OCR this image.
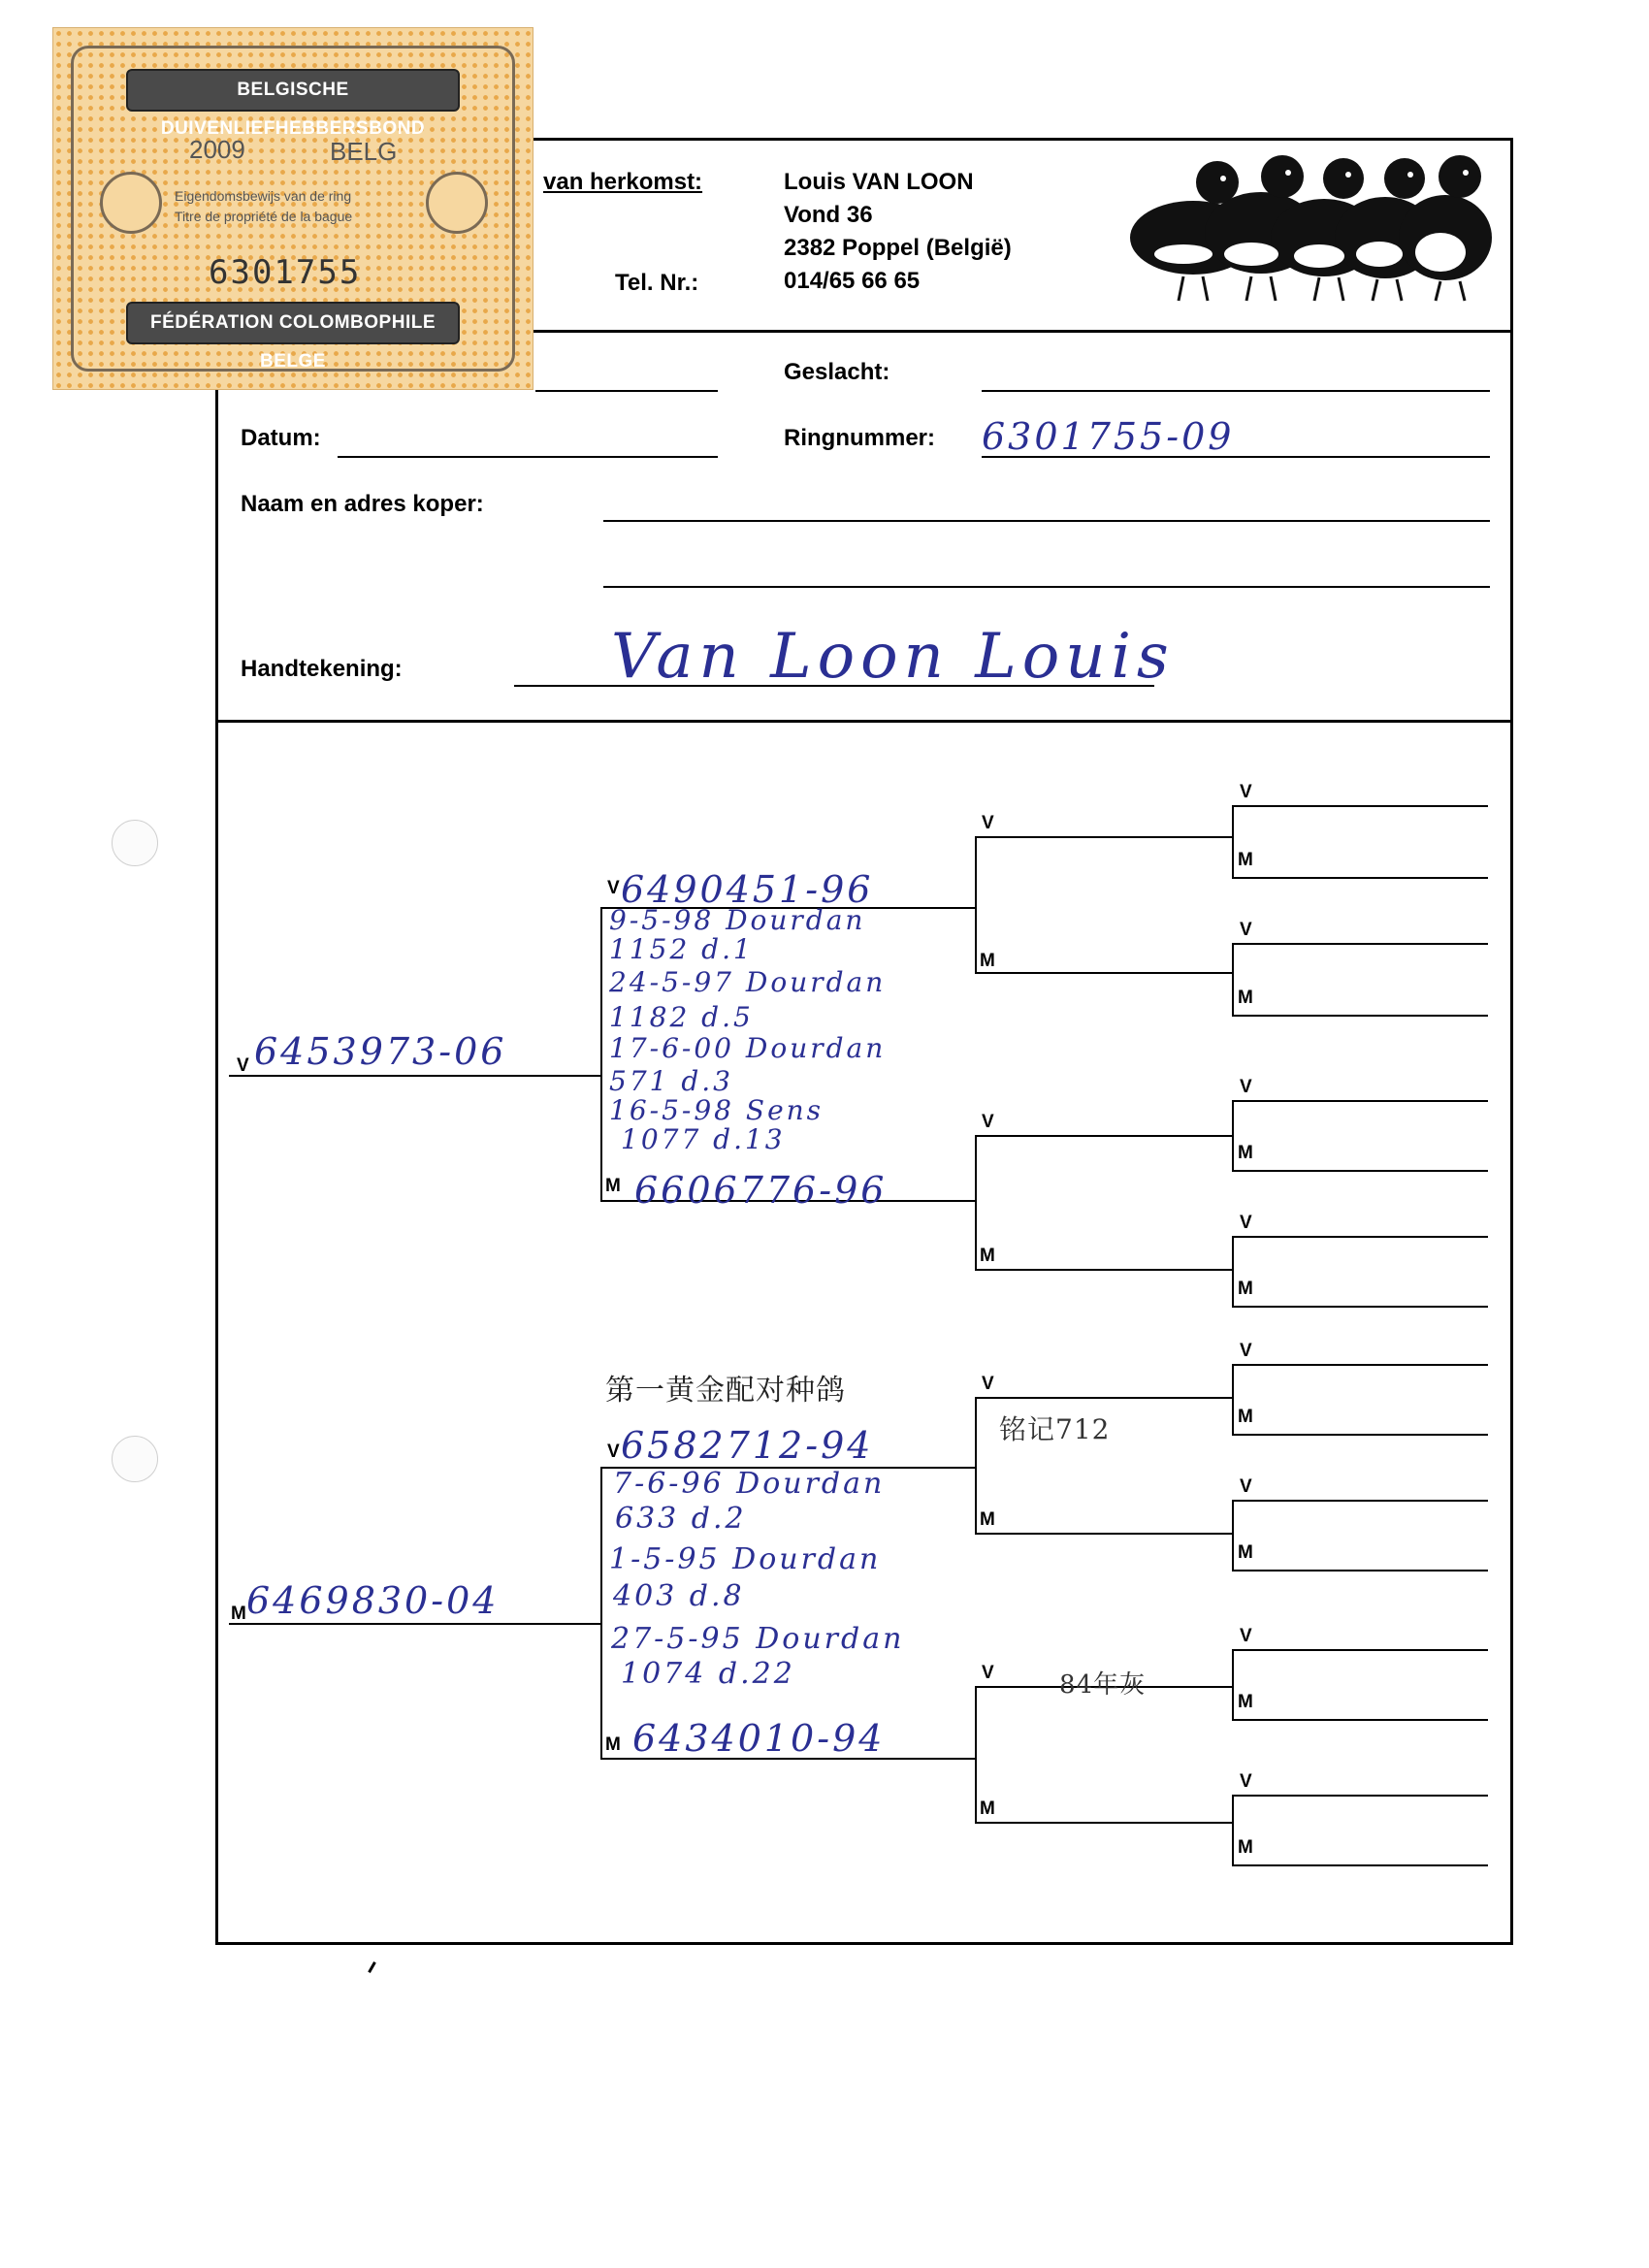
van herkomst:
Tel. Nr.:
Louis VAN LOON
Vond 36
2382 Poppel (België)
014/65 66 65
BELGISCHE DUIVENLIEFHEBBERSBOND
2009	BELG
Eigendomsbewijs van de ring
Titre de propriété de la bague
6301755
FÉDÉRATION COLOMBOPHILE BELGE	Geslacht:
Datum:	Ringnummer: 6301755-09
Naam en adres koper:
Handtekening:	Van Loon Louis
V
M
V
M
V
M
V
M
V
M
V
M
V
M
V
M
V
M
V
M
V
M
V
M
V
M
V
M
V
M
6453973-06
6490451-96
9-5-98 Dourdan
1152 d.1
24-5-97 Dourdan
1182 d.5
17-6-00 Dourdan
571 d.3
16-5-98 Sens
1077 d.13
6606776-96
6469830-04
第一黄金配对种鸽
6582712-94	铭记712
7-6-96 Dourdan
633 d.2
1-5-95 Dourdan
403 d.8
27-5-95 Dourdan
1074 d.22	84年灰
6434010-94
